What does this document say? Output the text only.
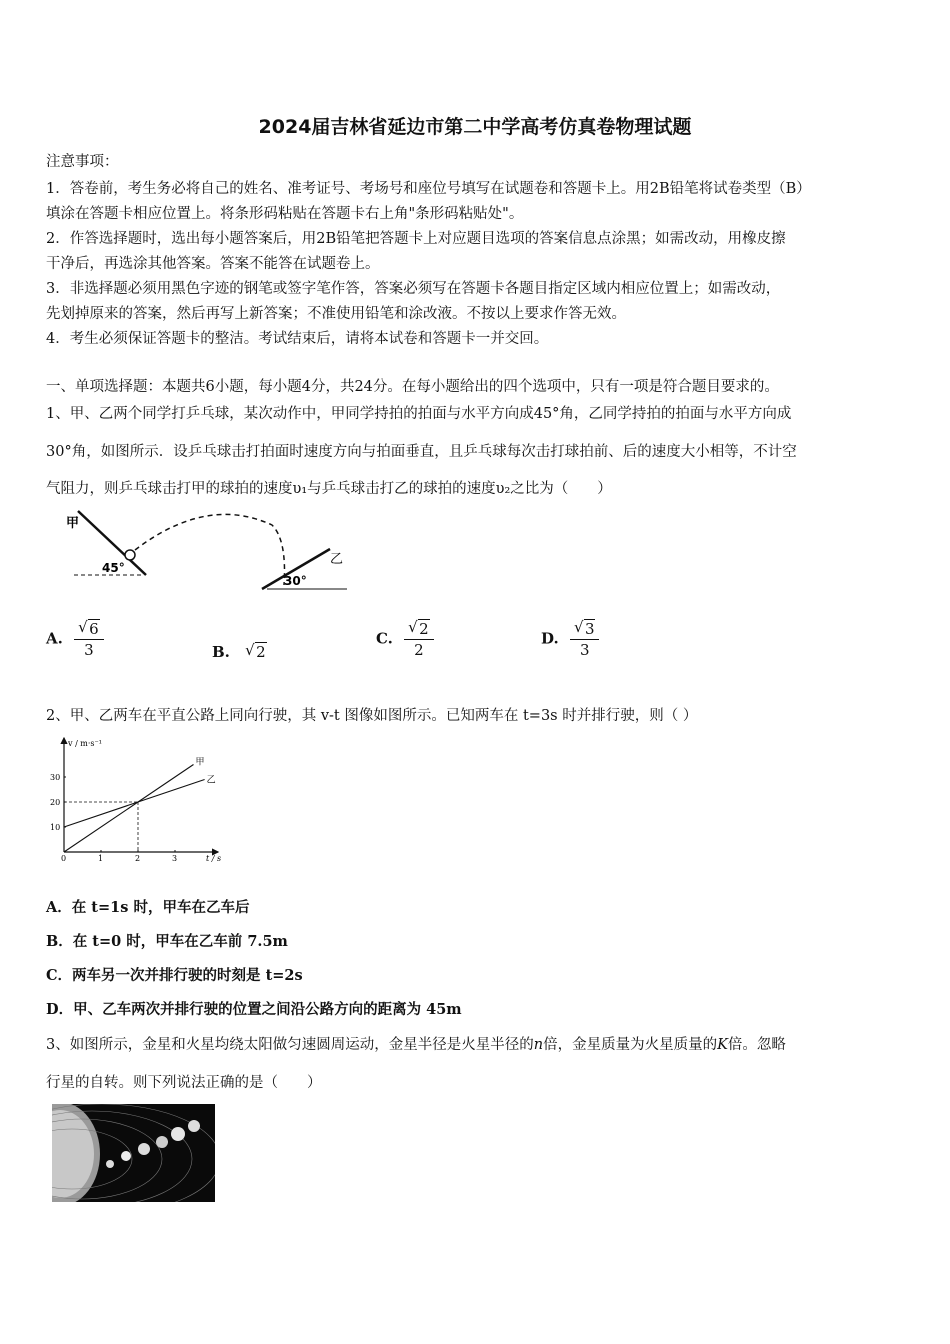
2024届吉林省延边市第二中学高考仿真卷物理试题
注意事项：
1．答卷前，考生务必将自己的姓名、准考证号、考场号和座位号填写在试题卷和答题卡上。用2B铅笔将试卷类型（B）
填涂在答题卡相应位置上。将条形码粘贴在答题卡右上角"条形码粘贴处"。
2．作答选择题时，选出每小题答案后，用2B铅笔把答题卡上对应题目选项的答案信息点涂黑；如需改动，用橡皮擦
干净后，再选涂其他答案。答案不能答在试题卷上。
3．非选择题必须用黑色字迹的钢笔或签字笔作答，答案必须写在答题卡各题目指定区域内相应位置上；如需改动，
先划掉原来的答案，然后再写上新答案；不准使用铅笔和涂改液。不按以上要求作答无效。
4．考生必须保证答题卡的整洁。考试结束后，请将本试卷和答题卡一并交回。
一、单项选择题：本题共6小题，每小题4分，共24分。在每小题给出的四个选项中，只有一项是符合题目要求的。
1、甲、乙两个同学打乒乓球，某次动作中，甲同学持拍的拍面与水平方向成45°角，乙同学持拍的拍面与水平方向成
30°角，如图所示．设乒乓球击打拍面时速度方向与拍面垂直，且乒乓球每次击打球拍前、后的速度大小相等，不计空
气阻力，则乒乓球击打甲的球拍的速度υ₁与乒乓球击打乙的球拍的速度υ₂之比为（　　）
甲
乙
45°
30°
A. √ $\frac{6}{3}$	B. √ 2
C. √ $\frac{2}{2}$	D. √ $\frac{3}{3}$
2、甲、乙两车在平直公路上同向行驶，其 v-t 图像如图所示。已知两车在 t=3s 时并排行驶，则（ ）
v / m·s⁻¹
t / s
0	1	2	3
10
20
30
甲
乙
A．在 t=1s 时，甲车在乙车后
B．在 t=0 时，甲车在乙车前 7.5m
C．两车另一次并排行驶的时刻是 t=2s
D．甲、乙车两次并排行驶的位置之间沿公路方向的距离为 45m
3、如图所示，金星和火星均绕太阳做匀速圆周运动，金星半径是火星半径的n倍，金星质量为火星质量的K倍。忽略
行星的自转。则下列说法正确的是（　　）
